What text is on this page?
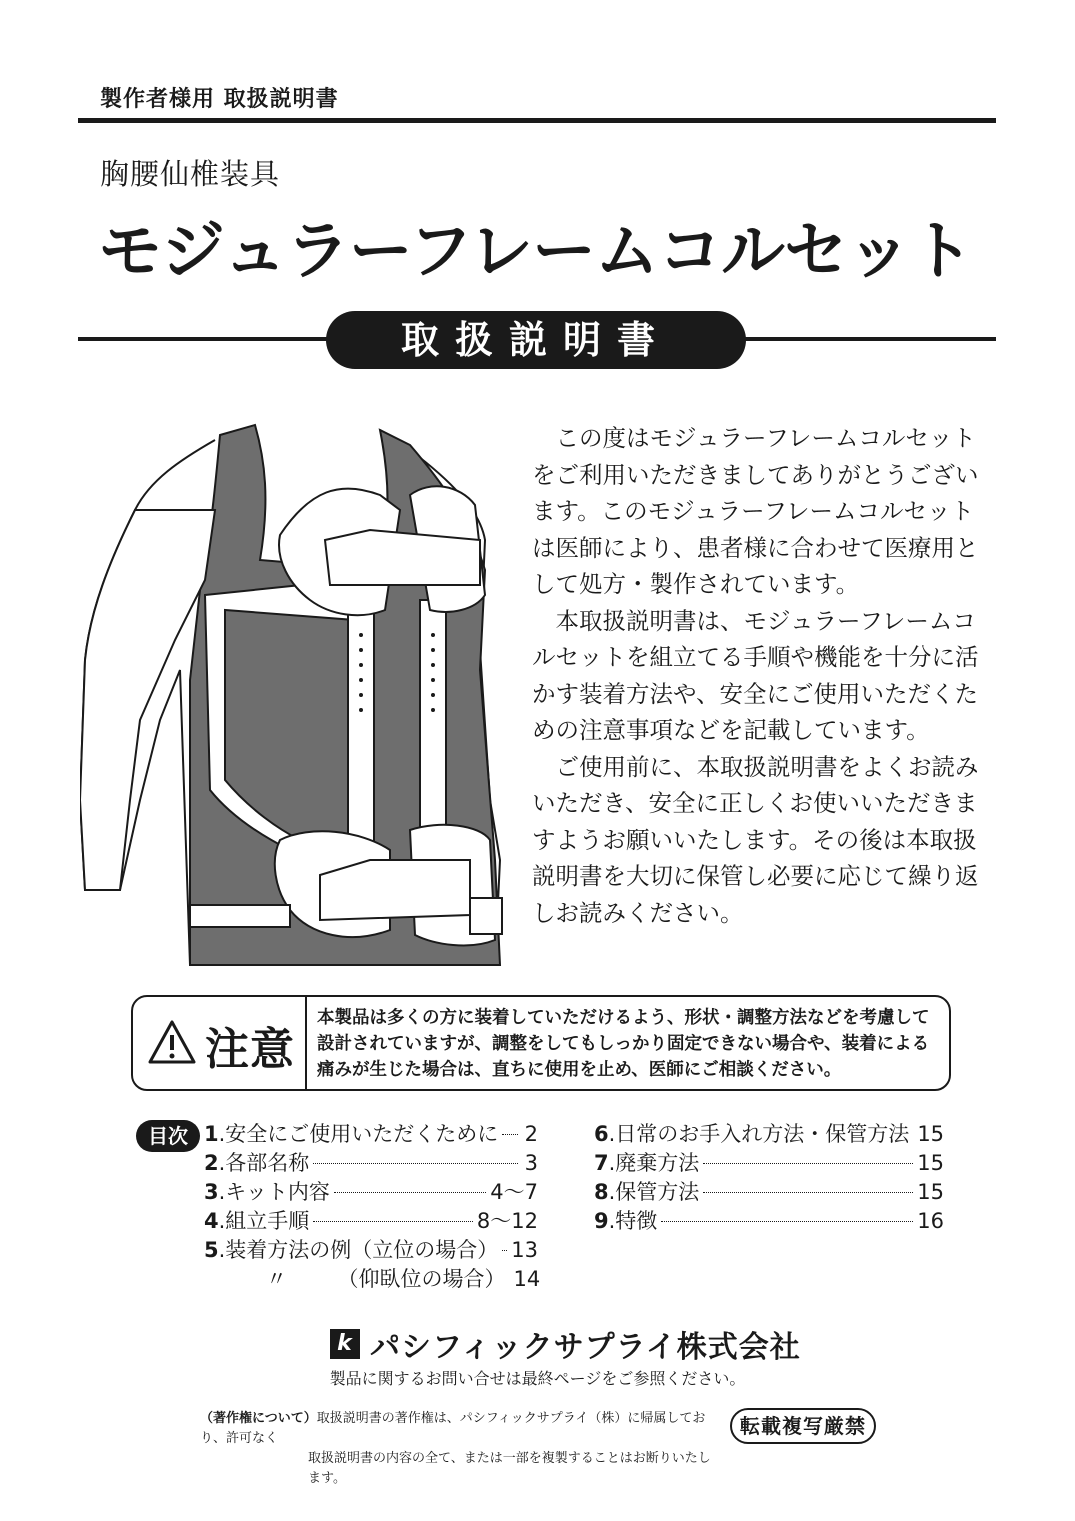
製作者様用 取扱説明書
胸腰仙椎装具
モジュラーフレームコルセット
取扱説明書

この度はモジュラーフレームコルセットをご利用いただきましてありがとうございます。このモジュラーフレームコルセットは医師により、患者様に合わせて医療用として処方・製作されています。

本取扱説明書は、モジュラーフレームコルセットを組立てる手順や機能を十分に活かす装着方法や、安全にご使用いただくための注意事項などを記載しています。

ご使用前に、本取扱説明書をよくお読みいただき、安全に正しくお使いいただきますようお願いいたします。その後は本取扱説明書を大切に保管し必要に応じて繰り返しお読みください。

注意
本製品は多くの方に装着していただけるよう、形状・調整方法などを考慮して設計されていますが、調整をしてもしっかり固定できない場合や、装着による痛みが生じた場合は、直ちに使用を止め、医師にご相談ください。
目次 1 .安全にご使用いただくために 2
2 .各部名称	3
3 .キット内容	4〜7
4 .組立手順	8〜12
5 .装着方法の例（立位の場合） 13
〃	（仰臥位の場合） 14
6 .日常のお手入れ方法・保管方法 15
7 .廃棄方法	15
8 .保管方法	15
9 .特徴	16
k パシフィックサプライ株式会社
製品に関するお問い合せは最終ページをご参照ください。
（著作権について）取扱説明書の著作権は、パシフィックサプライ（株）に帰属しており、許可なく
取扱説明書の内容の全て、または一部を複製することはお断りいたします。
転載複写厳禁
